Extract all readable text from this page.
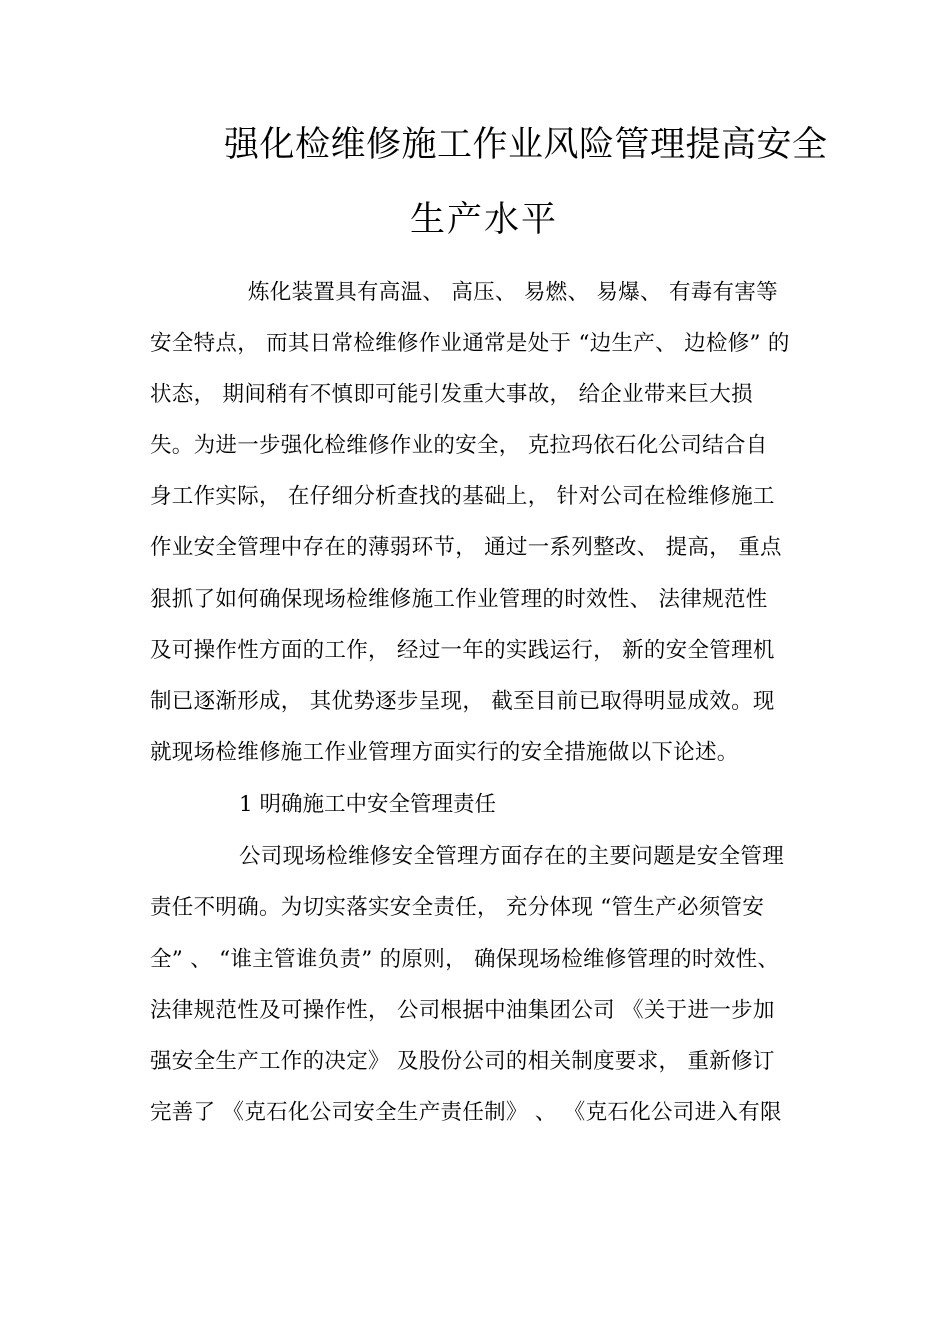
强化检维修施工作业风险管理提高安全
生产水平
炼化装置具有高温、 高压、 易燃、 易爆、 有毒有害等
安全特点， 而其日常检维修作业通常是处于 “边生产、 边检修” 的
状态， 期间稍有不慎即可能引发重大事故， 给企业带来巨大损
失。为进一步强化检维修作业的安全， 克拉玛依石化公司结合自
身工作实际， 在仔细分析查找的基础上， 针对公司在检维修施工
作业安全管理中存在的薄弱环节， 通过一系列整改、 提高， 重点
狠抓了如何确保现场检维修施工作业管理的时效性、 法律规范性
及可操作性方面的工作， 经过一年的实践运行， 新的安全管理机
制已逐渐形成， 其优势逐步呈现， 截至目前已取得明显成效。现
就现场检维修施工作业管理方面实行的安全措施做以下论述。
1 明确施工中安全管理责任
公司现场检维修安全管理方面存在的主要问题是安全管理
责任不明确。为切实落实安全责任， 充分体现 “管生产必须管安
全” 、 “谁主管谁负责” 的原则， 确保现场检维修管理的时效性、
法律规范性及可操作性， 公司根据中油集团公司 《关于进一步加
强安全生产工作的决定》 及股份公司的相关制度要求， 重新修订
完善了 《克石化公司安全生产责任制》 、 《克石化公司进入有限
